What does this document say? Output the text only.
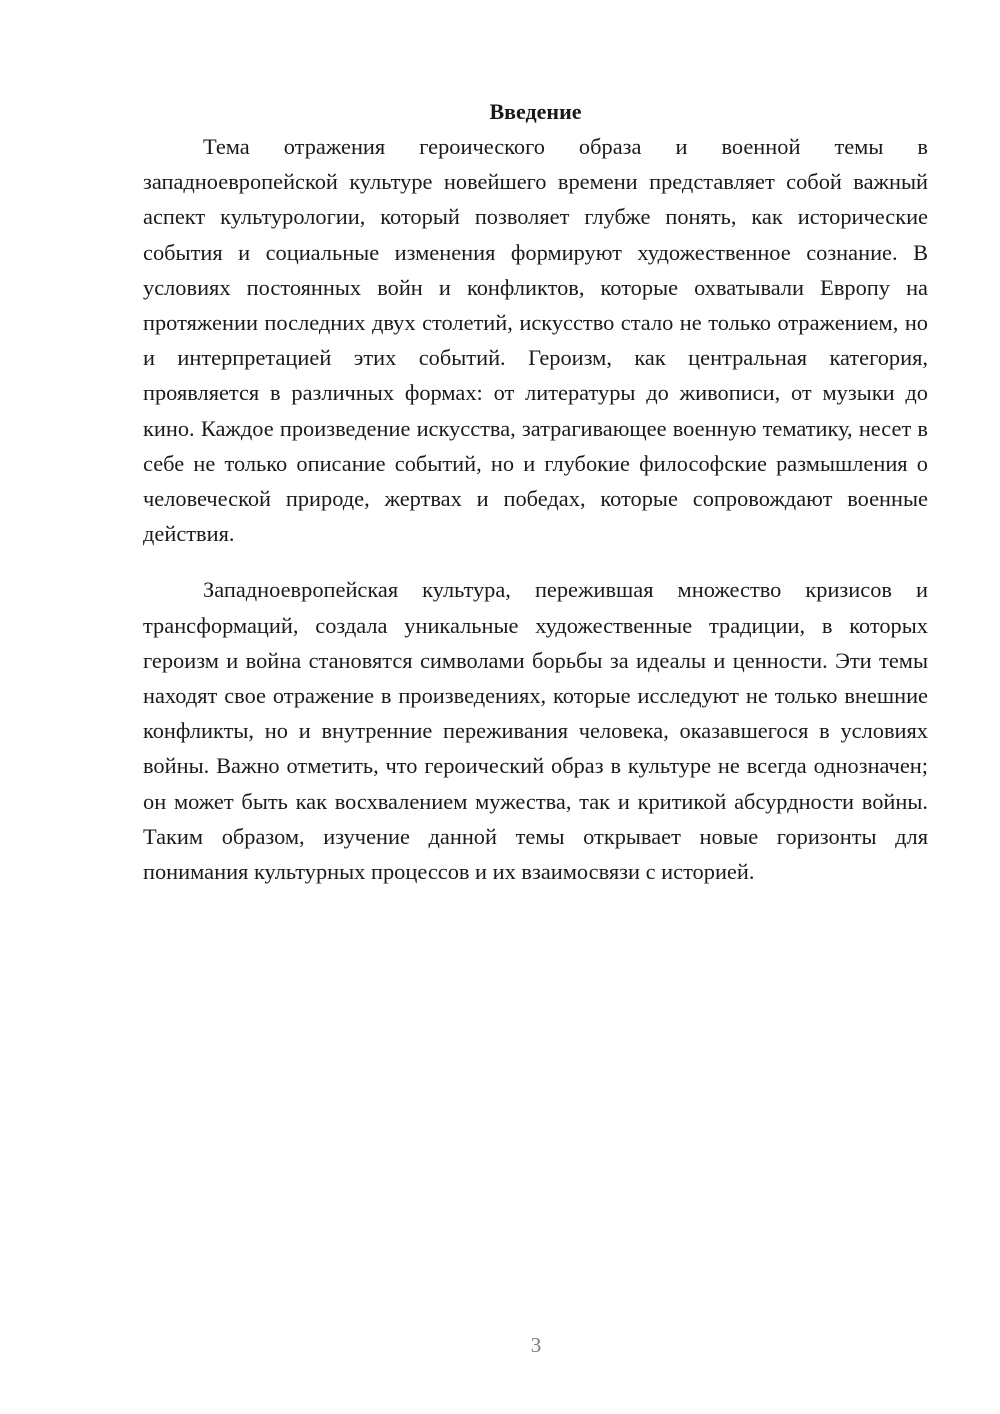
Введение

Тема отражения героического образа и военной темы в западноевропейской культуре новейшего времени представляет собой важный аспект культурологии, который позволяет глубже понять, как исторические события и социальные изменения формируют художественное сознание. В условиях постоянных войн и конфликтов, которые охватывали Европу на протяжении последних двух столетий, искусство стало не только отражением, но и интерпретацией этих событий. Героизм, как центральная категория, проявляется в различных формах: от литературы до живописи, от музыки до кино. Каждое произведение искусства, затрагивающее военную тематику, несет в себе не только описание событий, но и глубокие философские размышления о человеческой природе, жертвах и победах, которые сопровождают военные действия.

Западноевропейская культура, пережившая множество кризисов и трансформаций, создала уникальные художественные традиции, в которых героизм и война становятся символами борьбы за идеалы и ценности. Эти темы находят свое отражение в произведениях, которые исследуют не только внешние конфликты, но и внутренние переживания человека, оказавшегося в условиях войны. Важно отметить, что героический образ в культуре не всегда однозначен; он может быть как восхвалением мужества, так и критикой абсурдности войны. Таким образом, изучение данной темы открывает новые горизонты для понимания культурных процессов и их взаимосвязи с историей.

3
